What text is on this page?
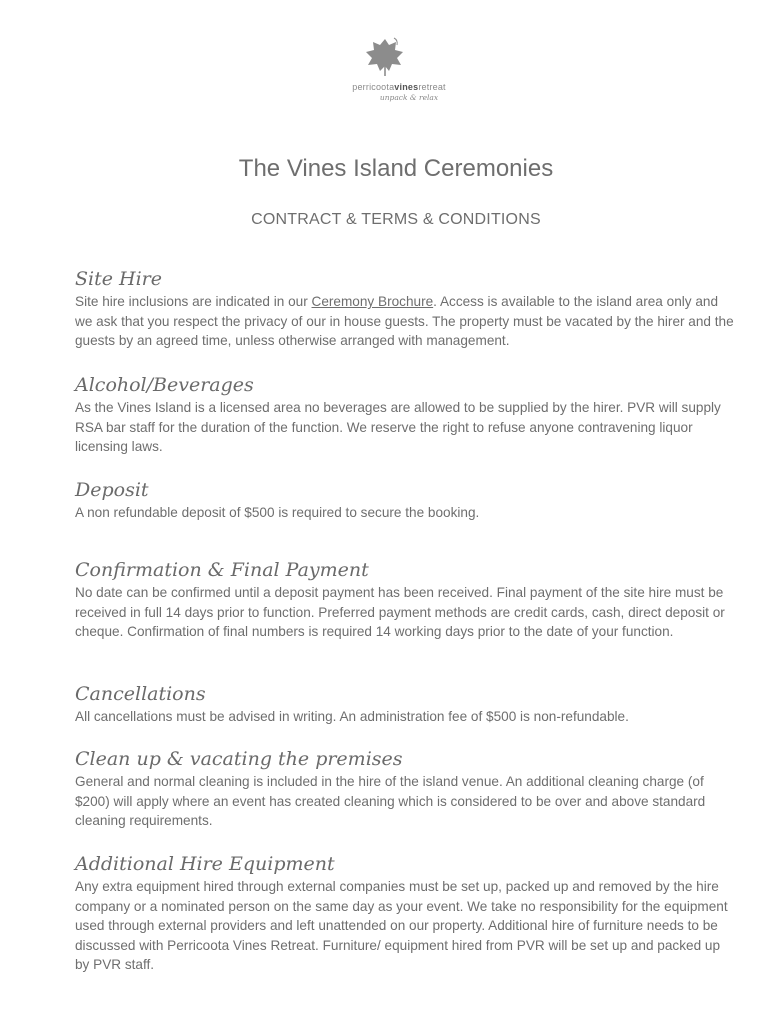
perricootavinesretreat
unpack & relax
The Vines Island Ceremonies
CONTRACT & TERMS & CONDITIONS
Site Hire

Site hire inclusions are indicated in our Ceremony Brochure. Access is available to the island area only and we ask that you respect the privacy of our in house guests. The property must be vacated by the hirer and the guests by an agreed time, unless otherwise arranged with management.

Alcohol/Beverages

As the Vines Island is a licensed area no beverages are allowed to be supplied by the hirer. PVR will supply RSA bar staff for the duration of the function. We reserve the right to refuse anyone contravening liquor licensing laws.

Deposit

A non refundable deposit of $500 is required to secure the booking.

Confirmation & Final Payment

No date can be confirmed until a deposit payment has been received. Final payment of the site hire must be received in full 14 days prior to function. Preferred payment methods are credit cards, cash, direct deposit or cheque. Confirmation of final numbers is required 14 working days prior to the date of your function.

Cancellations

All cancellations must be advised in writing. An administration fee of $500 is non-refundable.

Clean up & vacating the premises

General and normal cleaning is included in the hire of the island venue. An additional cleaning charge (of $200) will apply where an event has created cleaning which is considered to be over and above standard cleaning requirements.

Additional Hire Equipment

Any extra equipment hired through external companies must be set up, packed up and removed by the hire company or a nominated person on the same day as your event. We take no responsibility for the equipment used through external providers and left unattended on our property. Additional hire of furniture needs to be discussed with Perricoota Vines Retreat. Furniture/ equipment hired from PVR will be set up and packed up by PVR staff.
